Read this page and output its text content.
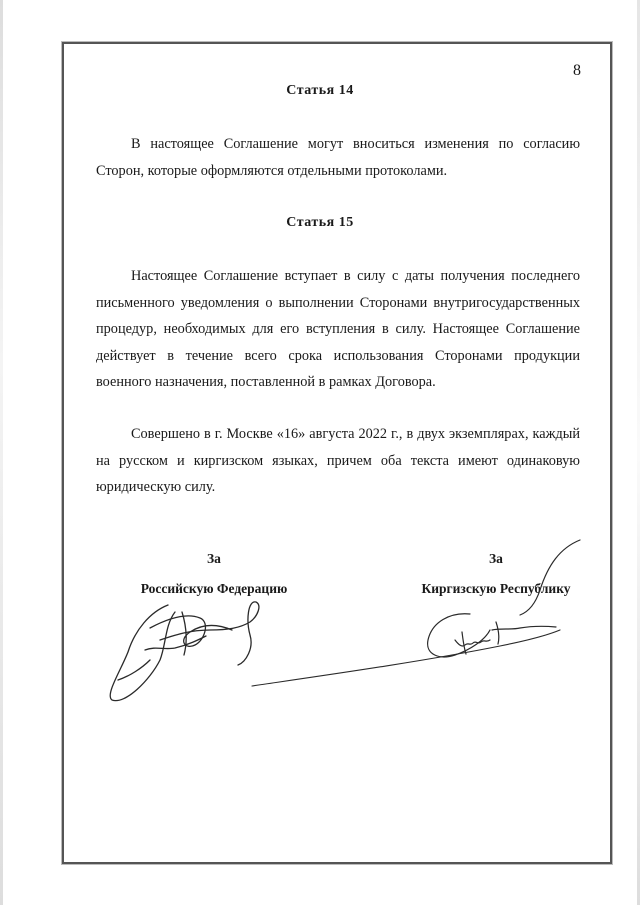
8
Статья 14

В настоящее Соглашение могут вноситься изменения по согласию Сторон, которые оформляются отдельными протоколами.

Статья 15

Настоящее Соглашение вступает в силу с даты получения последнего письменного уведомления о выполнении Сторонами внутригосударственных процедур, необходимых для его вступления в силу. Настоящее Соглашение действует в течение всего срока использования Сторонами продукции военного назначения, поставленной в рамках Договора.

Совершено в г. Москве «16» августа 2022 г., в двух экземплярах, каждый на русском и киргизском языках, причем оба текста имеют одинаковую юридическую силу.

За
Российскую Федерацию
За
Киргизскую Республику
